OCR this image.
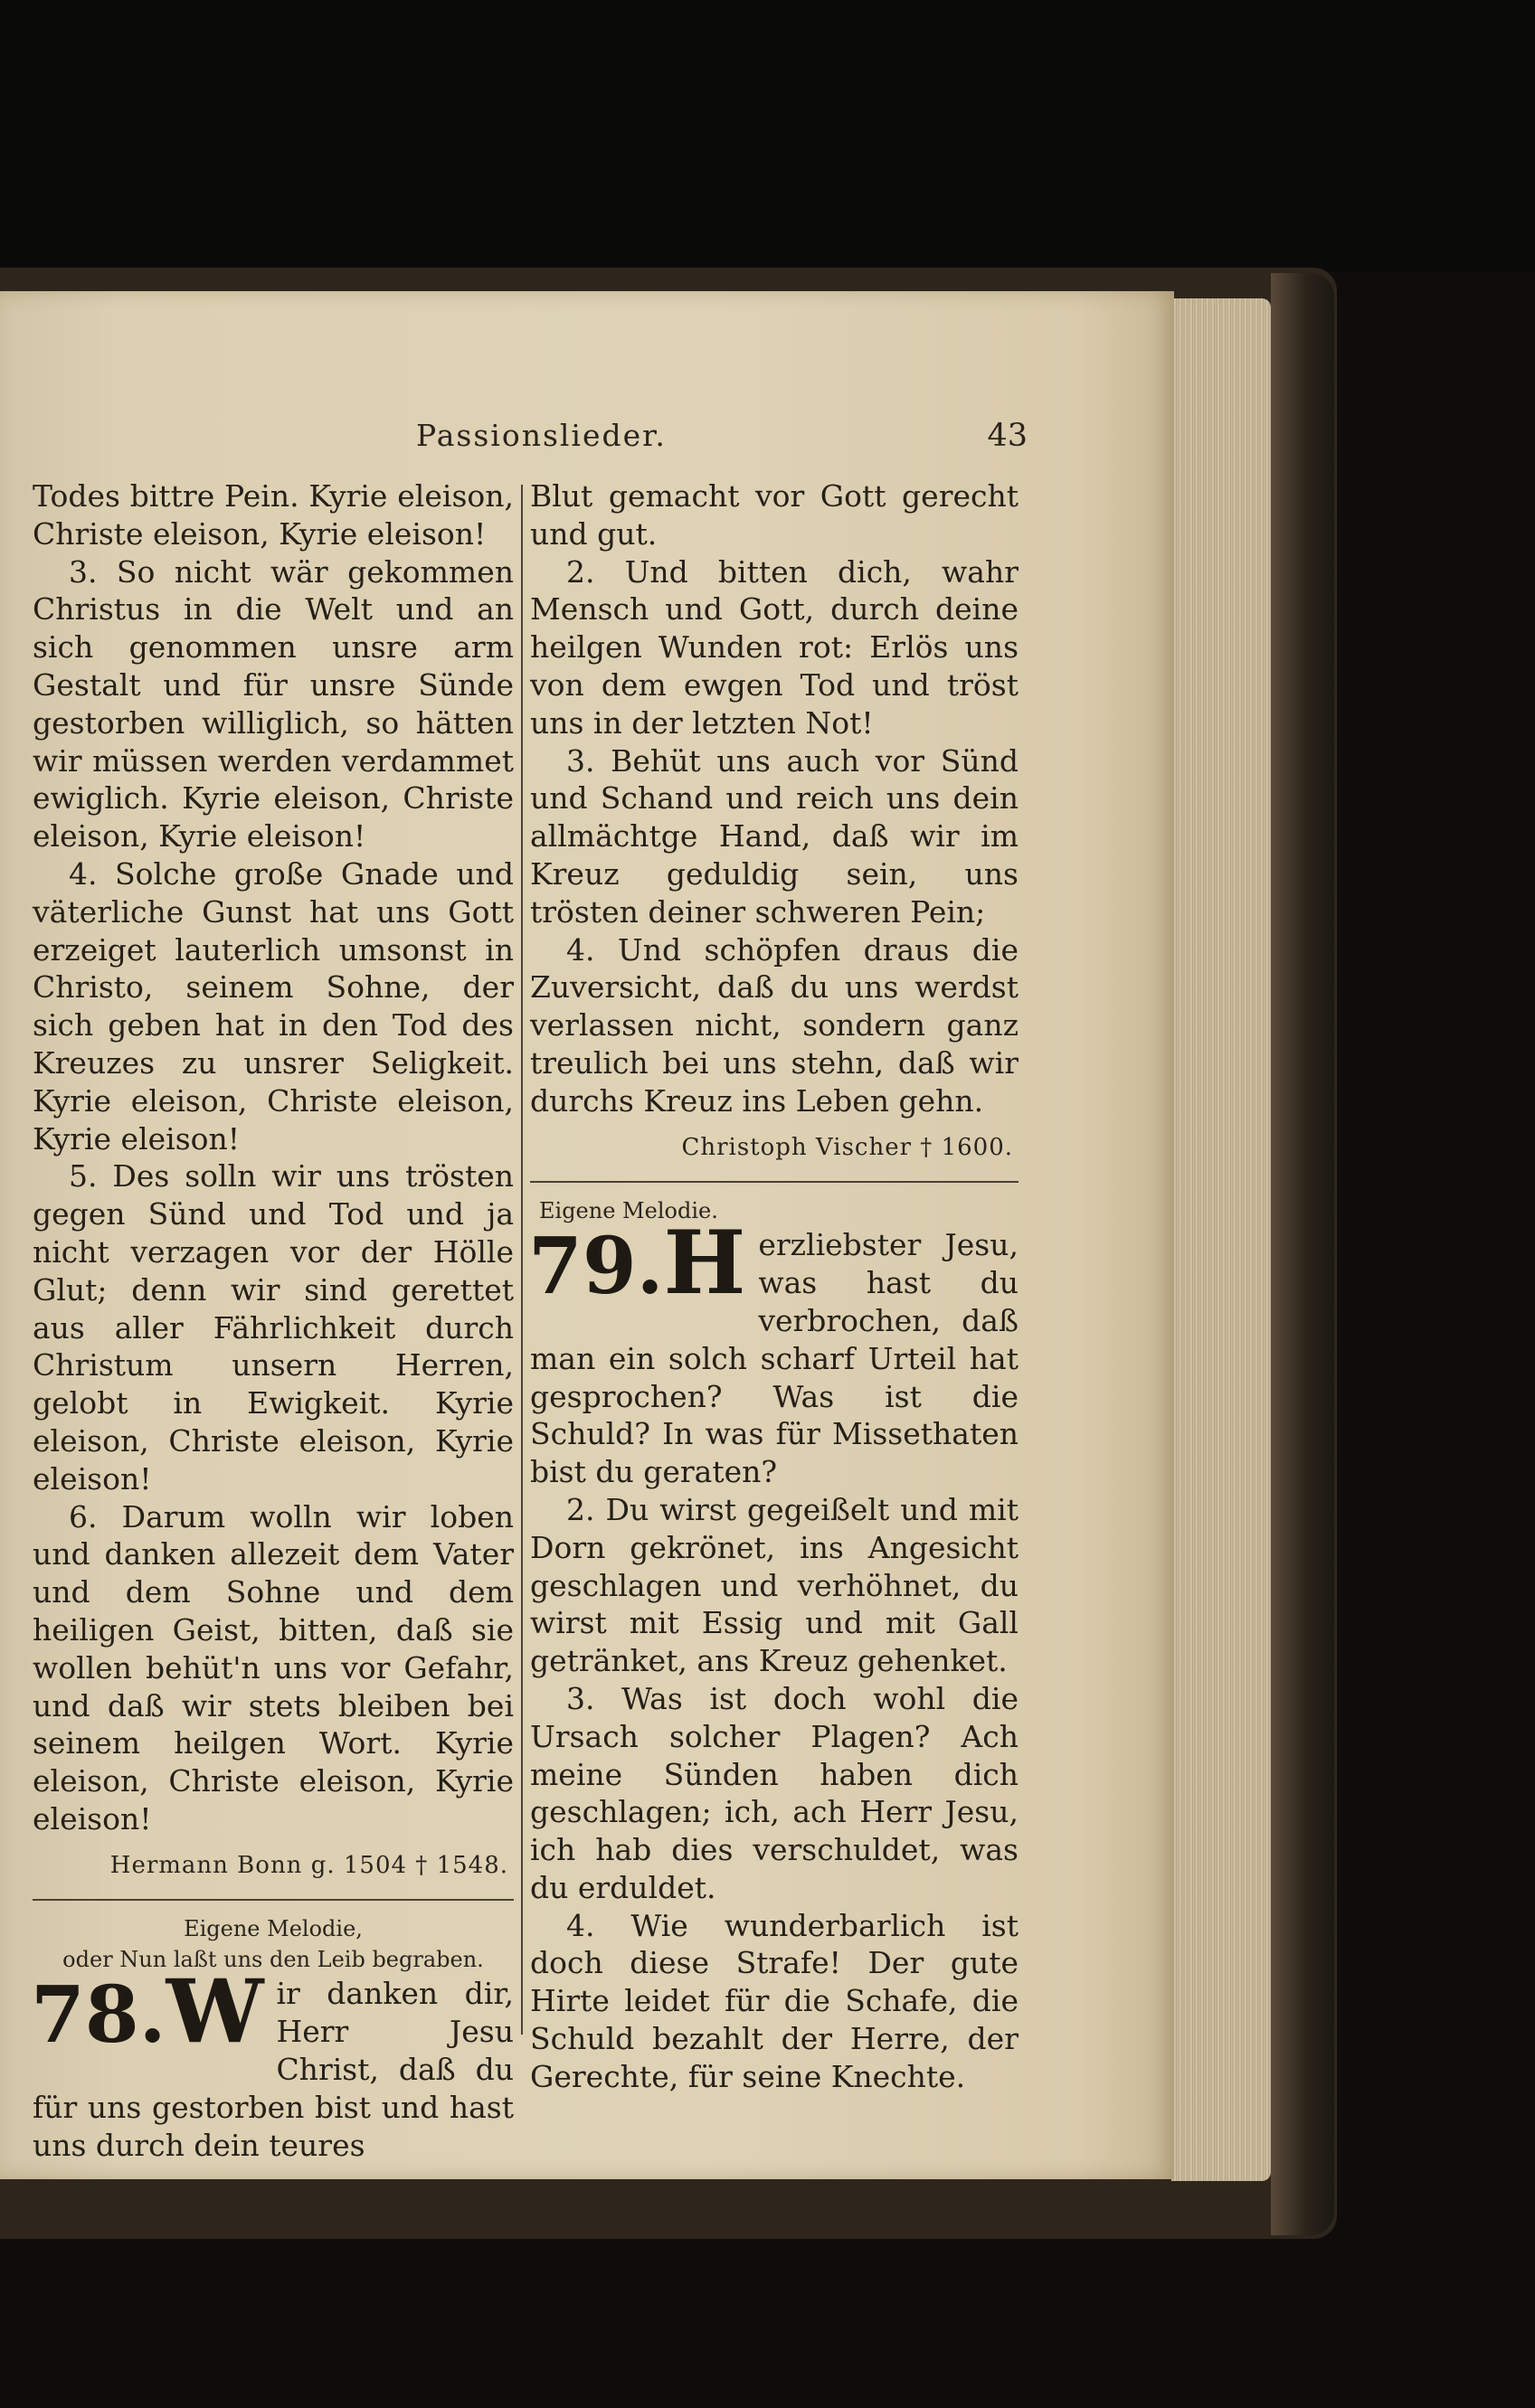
Passionslieder.	43

Todes bittre Pein. Kyrie eleison, Christe eleison, Kyrie eleison!

3. So nicht wär gekommen Christus in die Welt und an sich genommen unsre arm Gestalt und für unsre Sünde gestorben williglich, so hätten wir müssen werden verdammet ewiglich. Kyrie eleison, Christe eleison, Kyrie eleison!

4. Solche große Gnade und väterliche Gunst hat uns Gott erzeiget lauterlich umsonst in Christo, seinem Sohne, der sich geben hat in den Tod des Kreuzes zu unsrer Seligkeit. Kyrie eleison, Christe eleison, Kyrie eleison!

5. Des solln wir uns trösten gegen Sünd und Tod und ja nicht verzagen vor der Hölle Glut; denn wir sind gerettet aus aller Fährlichkeit durch Christum unsern Herren, gelobt in Ewigkeit. Kyrie eleison, Christe eleison, Kyrie eleison!

6. Darum wolln wir loben und danken allezeit dem Vater und dem Sohne und dem heiligen Geist, bitten, daß sie wollen behüt'n uns vor Gefahr, und daß wir stets bleiben bei seinem heilgen Wort. Kyrie eleison, Christe eleison, Kyrie eleison!

Hermann Bonn g. 1504 † 1548.
Eigene Melodie,
oder Nun laßt uns den Leib begraben.
78.W ir danken dir, Herr Jesu Christ, daß du für uns gestorben bist und hast uns durch dein teures

Blut gemacht vor Gott gerecht und gut.

2. Und bitten dich, wahr Mensch und Gott, durch deine heilgen Wunden rot: Erlös uns von dem ewgen Tod und tröst uns in der letzten Not!

3. Behüt uns auch vor Sünd und Schand und reich uns dein allmächtge Hand, daß wir im Kreuz geduldig sein, uns trösten deiner schweren Pein;

4. Und schöpfen draus die Zuversicht, daß du uns werdst verlassen nicht, sondern ganz treulich bei uns stehn, daß wir durchs Kreuz ins Leben gehn.

Christoph Vischer † 1600.
Eigene Melodie.
79.H erzliebster Jesu, was hast du verbrochen, daß man ein solch scharf Urteil hat gesprochen? Was ist die Schuld? In was für Missethaten bist du geraten?

2. Du wirst gegeißelt und mit Dorn gekrönet, ins Angesicht geschlagen und verhöhnet, du wirst mit Essig und mit Gall getränket, ans Kreuz gehenket.

3. Was ist doch wohl die Ursach solcher Plagen? Ach meine Sünden haben dich geschlagen; ich, ach Herr Jesu, ich hab dies verschuldet, was du erduldet.

4. Wie wunderbarlich ist doch diese Strafe! Der gute Hirte leidet für die Schafe, die Schuld bezahlt der Herre, der Gerechte, für seine Knechte.
